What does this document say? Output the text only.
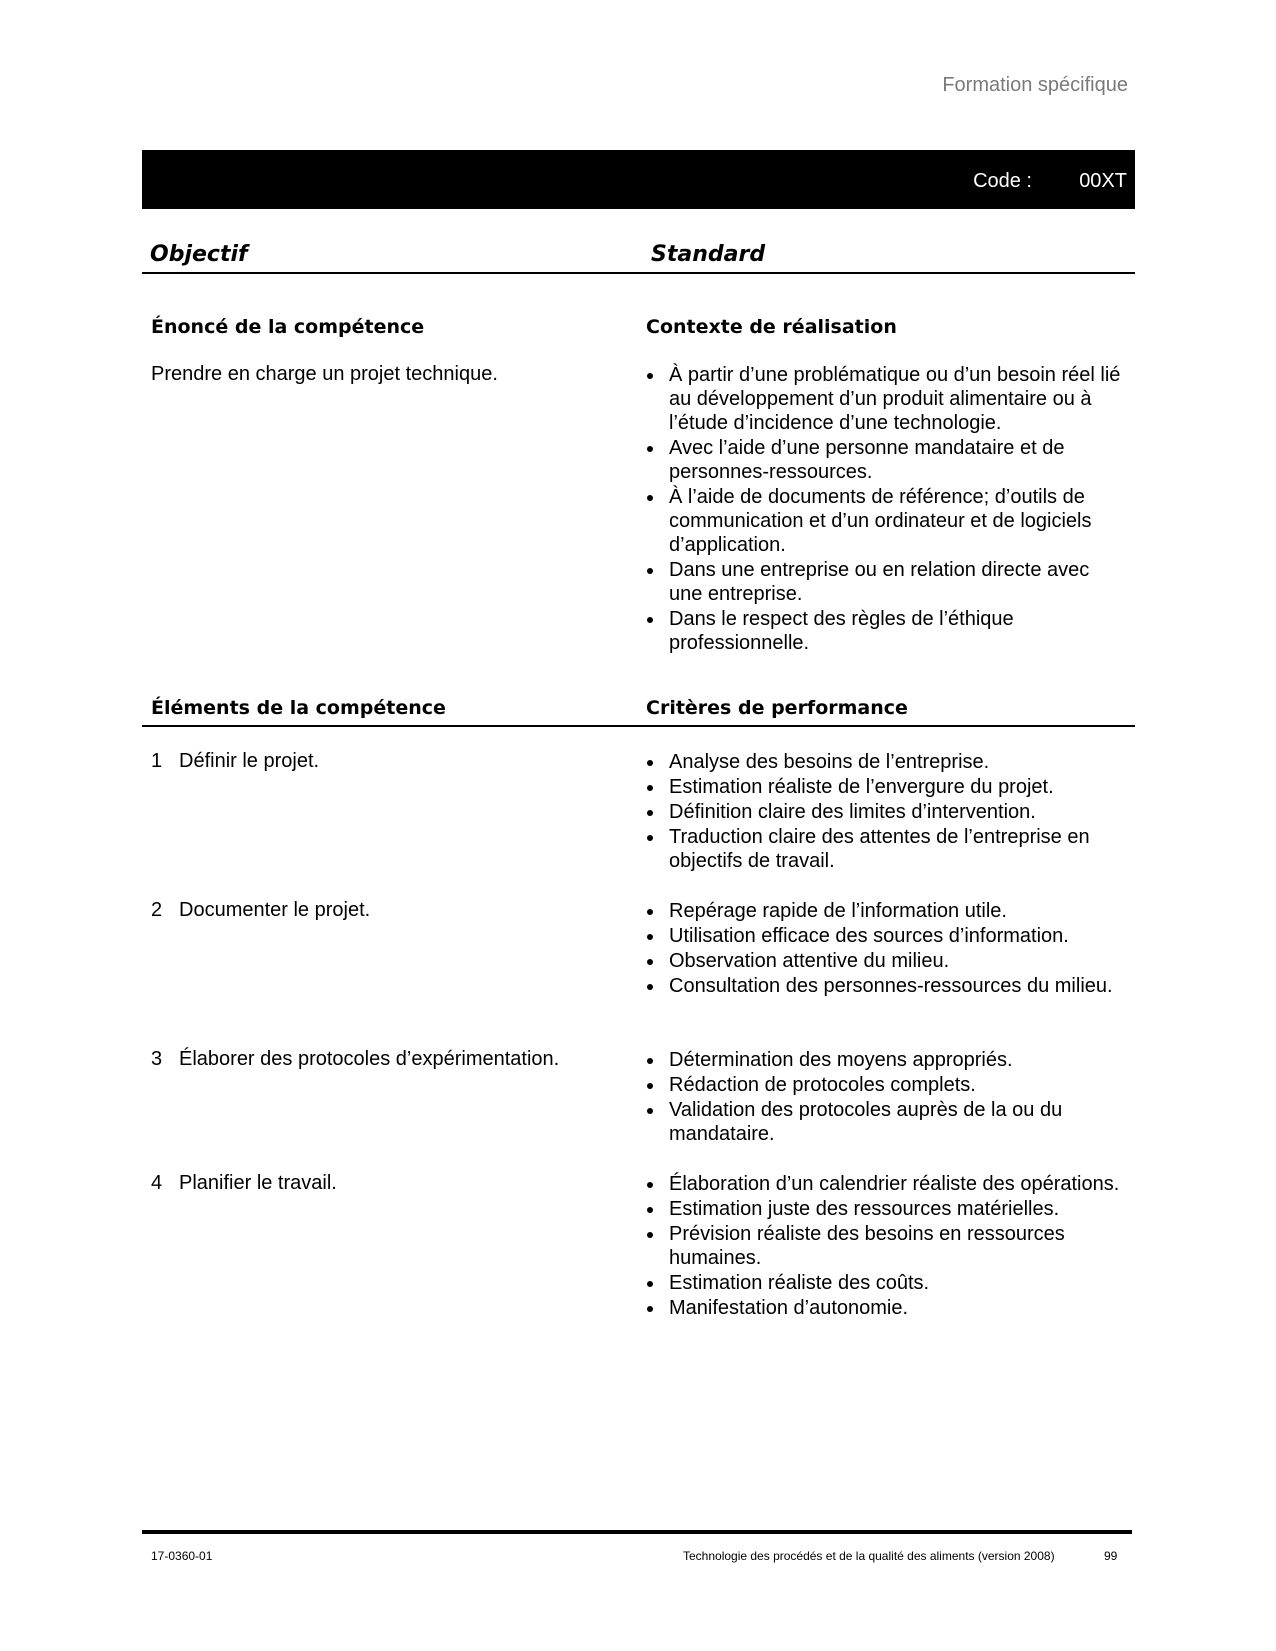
Formation spécifique
Code : 00XT
Objectif	Standard
Énoncé de la compétence	Contexte de réalisation
Prendre en charge un projet technique.	À partir d’une problématique ou d’un besoin réel lié au développement d’un produit alimentaire ou à l’étude d’incidence d’une technologie.
Avec l’aide d’une personne mandataire et de personnes-ressources.
À l’aide de documents de référence; d’outils de communication et d’un ordinateur et de logiciels d’application.
Dans une entreprise ou en relation directe avec une entreprise.
Dans le respect des règles de l’éthique professionnelle.
Éléments de la compétence	Critères de performance
1 Définir le projet.	Analyse des besoins de l’entreprise.
Estimation réaliste de l’envergure du projet.
Définition claire des limites d’intervention.
Traduction claire des attentes de l’entreprise en objectifs de travail.
2 Documenter le projet.	Repérage rapide de l’information utile.
Utilisation efficace des sources d’information.
Observation attentive du milieu.
Consultation des personnes-ressources du milieu.
3 Élaborer des protocoles d’expérimentation.	Détermination des moyens appropriés.
Rédaction de protocoles complets.
Validation des protocoles auprès de la ou du mandataire.
4 Planifier le travail.	Élaboration d’un calendrier réaliste des opérations.
Estimation juste des ressources matérielles.
Prévision réaliste des besoins en ressources humaines.
Estimation réaliste des coûts.
Manifestation d’autonomie.
17-0360-01	Technologie des procédés et de la qualité des aliments (version 2008)	99
